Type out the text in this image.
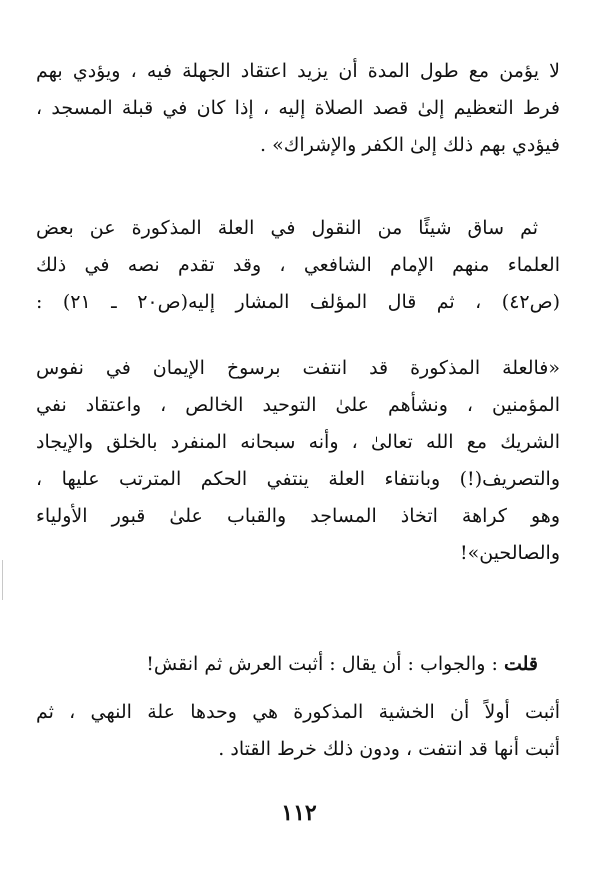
لا يؤمن مع طول المدة أن يزيد اعتقاد الجهلة فيه ، ويؤدي بهم
فرط التعظيم إلىٰ قصد الصلاة إليه ، إذا كان في قبلة المسجد ،
فيؤدي بهم ذلك إلىٰ الكفر والإشراك» .
ثم ساق شيئًا من النقول في العلة المذكورة عن بعض
العلماء منهم الإمام الشافعي ، وقد تقدم نصه في ذلك
(ص٤٢) ، ثم قال المؤلف المشار إليه(ص٢٠ ـ ٢١) :
«فالعلة المذكورة قد انتفت برسوخ الإيمان في نفوس
المؤمنين ، ونشأهم علىٰ التوحيد الخالص ، واعتقاد نفي
الشريك مع الله تعالىٰ ، وأنه سبحانه المنفرد بالخلق والإيجاد
والتصريف(!) وبانتفاء العلة ينتفي الحكم المترتب عليها ،
وهو كراهة اتخاذ المساجد والقباب علىٰ قبور الأولياء
والصالحين»!
قلت : والجواب : أن يقال : أثبت العرش ثم انقش!
أثبت أولاً أن الخشية المذكورة هي وحدها علة النهي ، ثم
أثبت أنها قد انتفت ، ودون ذلك خرط القتاد .
١١٢
